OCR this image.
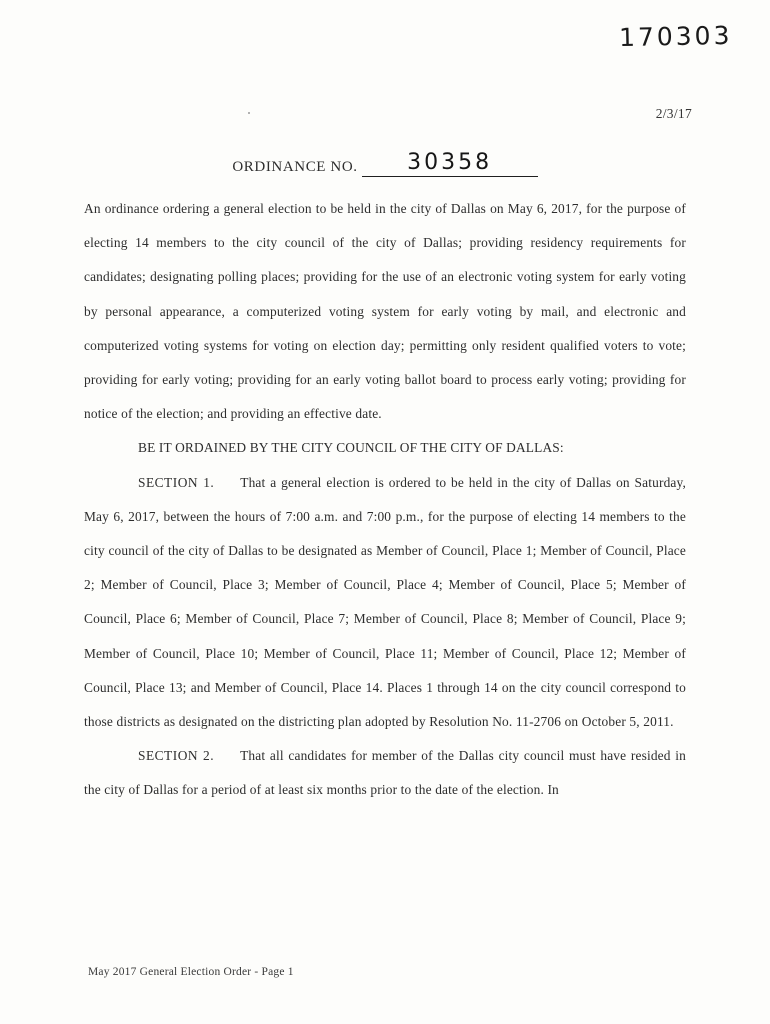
170303
2/3/17
ORDINANCE NO.	30358

An ordinance ordering a general election to be held in the city of Dallas on May 6, 2017, for the purpose of electing 14 members to the city council of the city of Dallas; providing residency requirements for candidates; designating polling places; providing for the use of an electronic voting system for early voting by personal appearance, a computerized voting system for early voting by mail, and electronic and computerized voting systems for voting on election day; permitting only resident qualified voters to vote; providing for early voting; providing for an early voting ballot board to process early voting; providing for notice of the election; and providing an effective date.

BE IT ORDAINED BY THE CITY COUNCIL OF THE CITY OF DALLAS:

SECTION 1. That a general election is ordered to be held in the city of Dallas on Saturday, May 6, 2017, between the hours of 7:00 a.m. and 7:00 p.m., for the purpose of electing 14 members to the city council of the city of Dallas to be designated as Member of Council, Place 1; Member of Council, Place 2; Member of Council, Place 3; Member of Council, Place 4; Member of Council, Place 5; Member of Council, Place 6; Member of Council, Place 7; Member of Council, Place 8; Member of Council, Place 9; Member of Council, Place 10; Member of Council, Place 11; Member of Council, Place 12; Member of Council, Place 13; and Member of Council, Place 14. Places 1 through 14 on the city council correspond to those districts as designated on the districting plan adopted by Resolution No. 11-2706 on October 5, 2011.

SECTION 2. That all candidates for member of the Dallas city council must have resided in the city of Dallas for a period of at least six months prior to the date of the election. In

May 2017 General Election Order - Page 1
